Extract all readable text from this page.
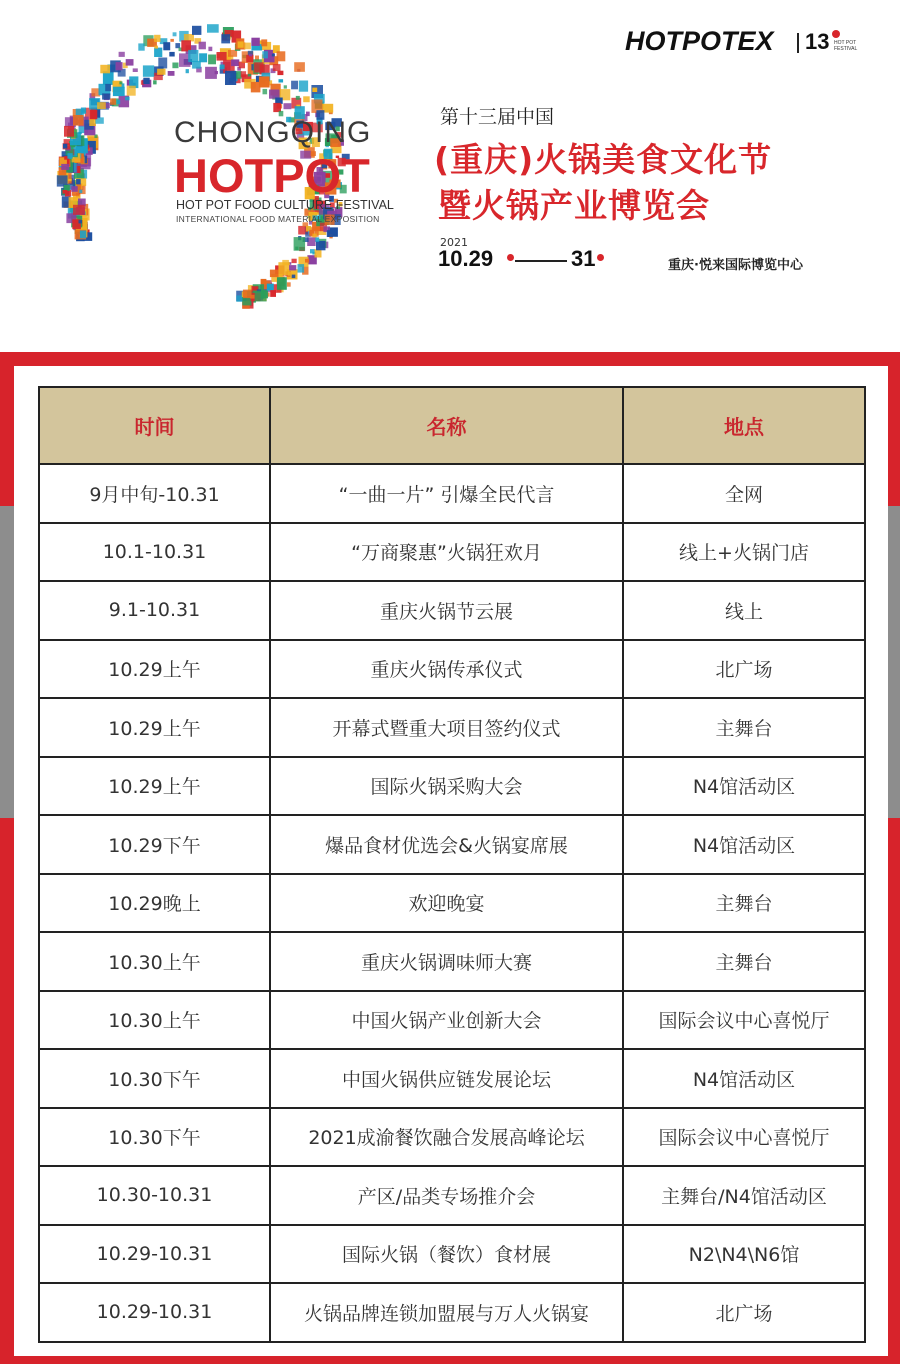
CHONGQING
HOTPOT
HOT POT FOOD CULTURE FESTIVAL
INTERNATIONAL FOOD MATERIAL EXPOSITION
HOTPOTEX 13 HOT POT FESTIVAL
第十三届中国
(重庆)火锅美食文化节
暨火锅产业博览会
2021
10.29	31	重庆·悦来国际博览中心
时间	名称	地点
9月中旬-10.31	“一曲一片” 引爆全民代言	全网
10.1-10.31	“万商聚惠”火锅狂欢月	线上+火锅门店
9.1-10.31	重庆火锅节云展	线上
10.29上午	重庆火锅传承仪式	北广场
10.29上午	开幕式暨重大项目签约仪式	主舞台
10.29上午	国际火锅采购大会	N4馆活动区
10.29下午	爆品食材优选会&火锅宴席展	N4馆活动区
10.29晚上	欢迎晚宴	主舞台
10.30上午	重庆火锅调味师大赛	主舞台
10.30上午	中国火锅产业创新大会	国际会议中心喜悦厅
10.30下午	中国火锅供应链发展论坛	N4馆活动区
10.30下午	2021成渝餐饮融合发展高峰论坛	国际会议中心喜悦厅
10.30-10.31	产区/品类专场推介会	主舞台/N4馆活动区
10.29-10.31	国际火锅（餐饮）食材展	N2\N4\N6馆
10.29-10.31	火锅品牌连锁加盟展与万人火锅宴	北广场
